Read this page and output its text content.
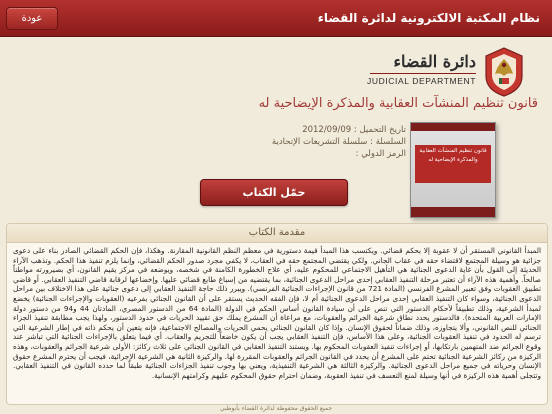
عودة	نظام المكتبة الالكترونية لدائرة القضاء
دائرة القضاء
JUDICIAL DEPARTMENT
قانون تنظيم المنشآت العقابية والمذكرة الإيضاحية له
تاريخ التحميل : 2012/09/09
السلسلة : سلسلة التشريعات الإتحادية
الرمز الدولي :	قانون تنظيم المنشآت العقابية والمذكرة الإيضاحية له
حمّل الكتاب
مقدمة الكتاب
المبدأ القانوني المستقر أن لا عقوبة إلا بحكم قضائي. ويكتسب هذا المبدأ قيمة دستورية في معظم النظم القانونية المقارنة. وهكذا، فإن الحكم القضائي الصادر بناء على دعوى جزائية هو وسيلة المجتمع لاقتضاء حقه في عقاب الجاني. ولكي يقتضي المجتمع حقه في العقاب، لا يكفي مجرد صدور الحكم القضائي، وإنما يلزم تنفيذ هذا الحكم. وتذهب الآراء الحديثة إلى القول بأن غاية الدعوى الجنائية هي التأهيل الاجتماعي للمحكوم عليه، أي علاج الخطورة الكامنة في شخصه، ويوضعه في مركز يقيم القانون، أي بصيرورته مواطناً صالحاً. وأهمية هذه الآراء أن تعتبر مرحلة التنفيذ العقابي إحدى مراحل الدعوى الجنائية، بما يقتضيه من إسباغ طابع قضائي عليها. وإخضاعها لرقابة قاضي التنفيذ العقابي. أو قاضي تطبيق العقوبات وفق تعبير المشرع الفرنسي (المادة 721 من قانون الإجراءات الجنائية الفرنسي). ويبرر ذلك حاجة التنفيذ العقابي إلى دعوى جنائية على هذا الاختلاف بين مراحل الدعوى الجنائية، وسواء كان التنفيذ العقابي إحدى مراحل الدعوى الجنائية أم لا، فإن الفقه الحديث يستقر على أن القانون الجنائي بفرعيه (العقوبات والإجراءات الجنائية) يخضع لمبدأ الشرعية، وذلك تطبيقاً لأحكام الدستور التي تنص على أن سيادة القانون أساس الحكم في الدولة (المادة 64 من الدستور المصري، المادتان 44 و94 من دستور دولة الإمارات العربية المتحدة). فالدستور يحدد نطاق شرعية الجرائم والعقوبات، مع مراعاة أن المشرع يملك حق تقييد الحريات في حدود الدستور، ولهذا يجب مطابقة تنفيذ الجزاء الجنائي للنص القانوني، وألا يتجاوزه، وذلك ضماناً لحقوق الإنسان. وإذا كان القانون الجنائي يحمي الحريات والمصالح الاجتماعية، فإنه يتعين أن يحكم ذاته في إطار الشرعية التي ترسم له الحدود في تنفيذ العقوبات الجنائية، وعلى هذا الأساس، فإن التنفيذ العقابي يجب أن يكون خاضعاً للتجريم والعقاب. أي فيما يتعلق بالإجراءات الجنائية التي تباشر عند وقوع الجرائم ضد المتهمين بارتكابها، أو إجراءات تنفيذ العقوبات المحكوم بها. ويستند التنفيذ العقابي في القانون الجنائي على ثلاث ركائز: الأولى شرعية الجرائم والعقوبات، وهذه الركيزة من ركائز الشرعية الجنائية تحتم على المشرع أن يحدد في القانون الجرائم والعقوبات المقررة لها. والركيزة الثانية هي الشرعية الإجرائية، فيجب أن يحترم المشرع حقوق الإنسان وحرياته في جميع مراحل الدعوى الجنائية. والركيزة الثالثة هي الشرعية التنفيذية، ويعني بها وجوب تنفيذ الجزاءات الجنائية طبقاً لما حدده القانون في التنفيذ العقابي. وتتجلى أهمية هذه الركيزة في أنها وسيلة لمنع التعسف في تنفيذ العقوبة، وضمان احترام حقوق المحكوم عليهم وكرامتهم الإنسانية.
جميع الحقوق محفوظة لدائرة القضاء بأبوظبي
